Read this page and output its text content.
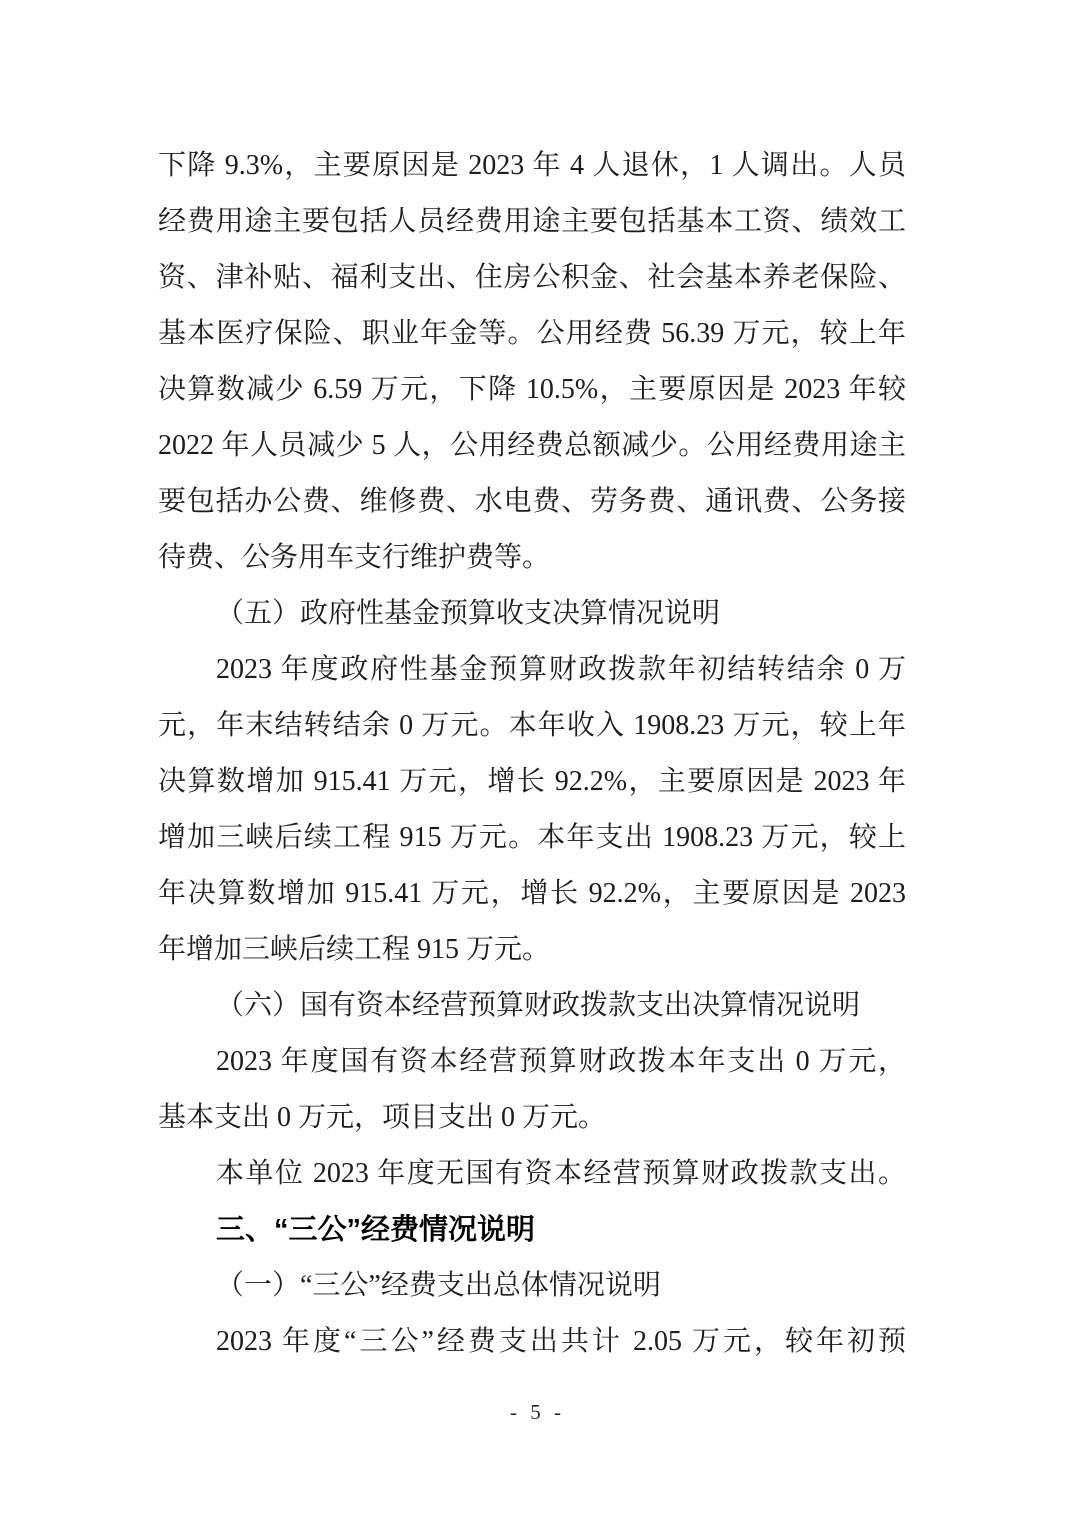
下降 9.3%，主要原因是 2023 年 4 人退休，1 人调出。人员
经费用途主要包括人员经费用途主要包括基本工资、绩效工
资、津补贴、福利支出、住房公积金、社会基本养老保险、
基本医疗保险、职业年金等。公用经费 56.39 万元，较上年
决算数减少 6.59 万元，下降 10.5%，主要原因是 2023 年较
2022 年人员减少 5 人，公用经费总额减少。公用经费用途主
要包括办公费、维修费、水电费、劳务费、通讯费、公务接
待费、公务用车支行维护费等。
（五）政府性基金预算收支决算情况说明
2023 年度政府性基金预算财政拨款年初结转结余 0 万
元，年末结转结余 0 万元。本年收入 1908.23 万元，较上年
决算数增加 915.41 万元，增长 92.2%，主要原因是 2023 年
增加三峡后续工程 915 万元。本年支出 1908.23 万元，较上
年决算数增加 915.41 万元，增长 92.2%，主要原因是 2023
年增加三峡后续工程 915 万元。
（六）国有资本经营预算财政拨款支出决算情况说明
2023 年度国有资本经营预算财政拨本年支出 0 万元，
基本支出 0 万元，项目支出 0 万元。
本单位 2023 年度无国有资本经营预算财政拨款支出。
三、“三公”经费情况说明
（一）“三公”经费支出总体情况说明
2023 年度“三公”经费支出共计 2.05 万元，较年初预
- 5 -
